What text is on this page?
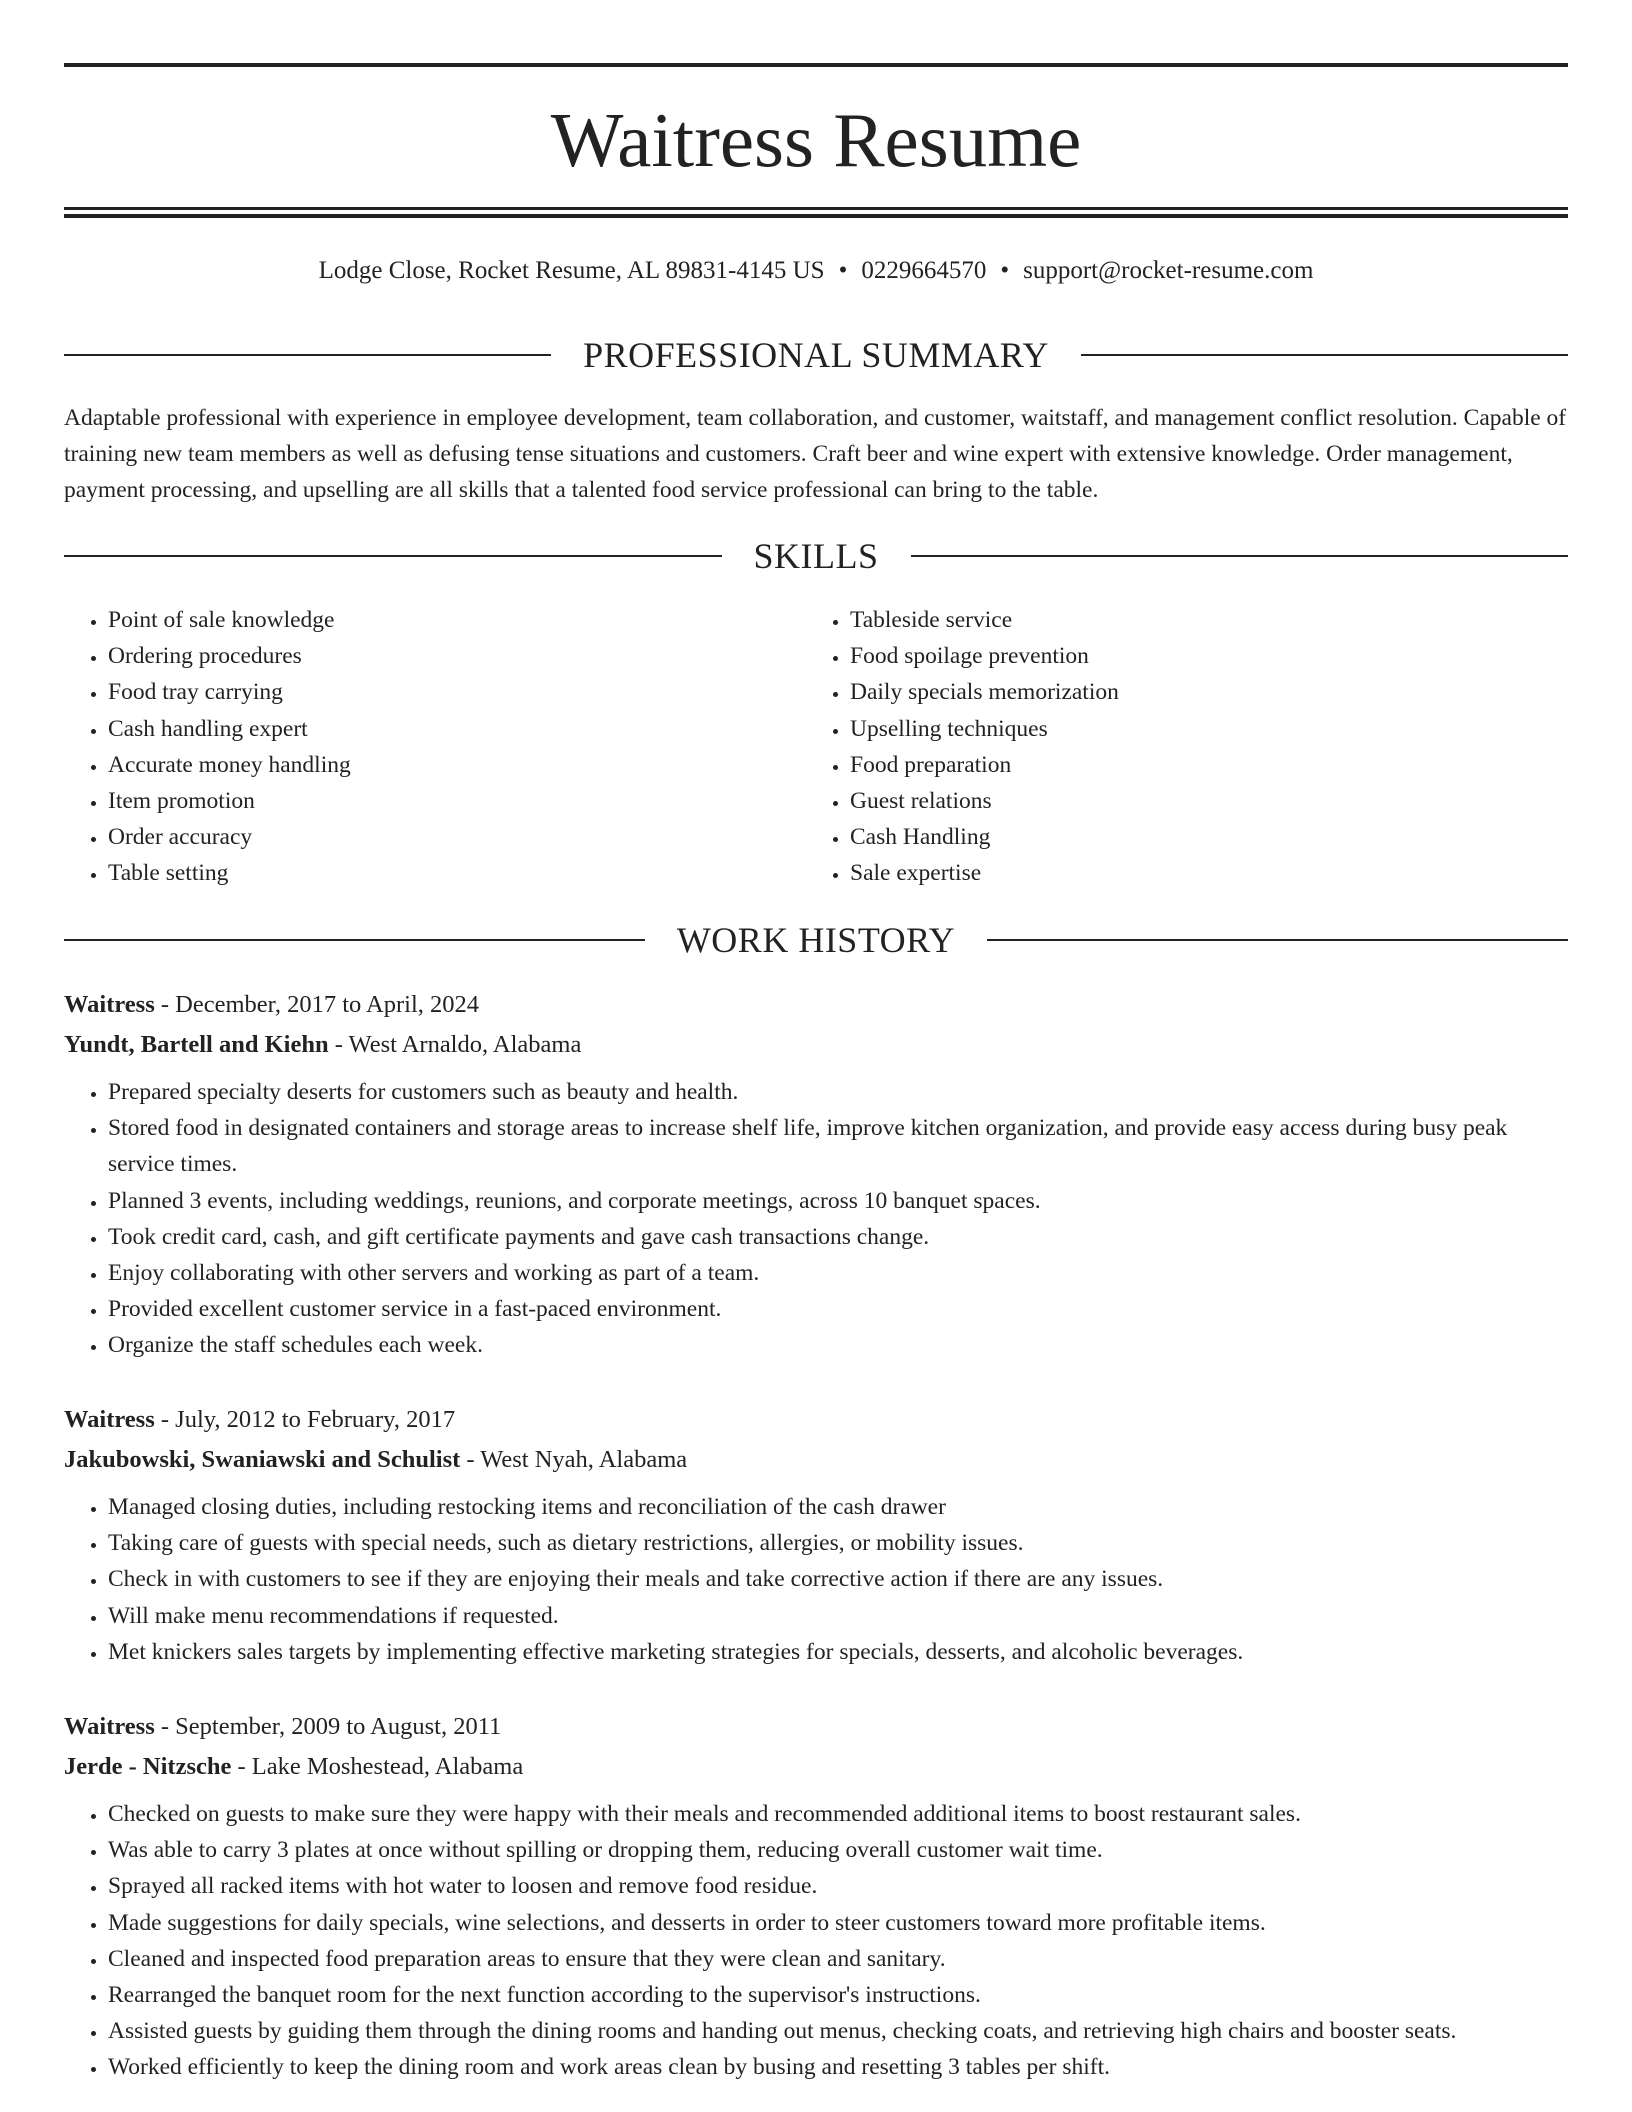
Waitress Resume
Lodge Close, Rocket Resume, AL 89831-4145 US • 0229664570 • support@rocket-resume.com
PROFESSIONAL SUMMARY
Adaptable professional with experience in employee development, team collaboration, and customer, waitstaff, and management conflict resolution. Capable of training new team members as well as defusing tense situations and customers. Craft beer and wine expert with extensive knowledge. Order management, payment processing, and upselling are all skills that a talented food service professional can bring to the table.
SKILLS
• Point of sale knowledge
• Ordering procedures
• Food tray carrying
• Cash handling expert
• Accurate money handling
• Item promotion
• Order accuracy
• Table setting
• Tableside service
• Food spoilage prevention
• Daily specials memorization
• Upselling techniques
• Food preparation
• Guest relations
• Cash Handling
• Sale expertise
WORK HISTORY
Waitress - December, 2017 to April, 2024
Yundt, Bartell and Kiehn - West Arnaldo, Alabama
• Prepared specialty deserts for customers such as beauty and health.
• Stored food in designated containers and storage areas to increase shelf life, improve kitchen organization, and provide easy access during busy peak service times.
• Planned 3 events, including weddings, reunions, and corporate meetings, across 10 banquet spaces.
• Took credit card, cash, and gift certificate payments and gave cash transactions change.
• Enjoy collaborating with other servers and working as part of a team.
• Provided excellent customer service in a fast-paced environment.
• Organize the staff schedules each week.
Waitress - July, 2012 to February, 2017
Jakubowski, Swaniawski and Schulist - West Nyah, Alabama
• Managed closing duties, including restocking items and reconciliation of the cash drawer
• Taking care of guests with special needs, such as dietary restrictions, allergies, or mobility issues.
• Check in with customers to see if they are enjoying their meals and take corrective action if there are any issues.
• Will make menu recommendations if requested.
• Met knickers sales targets by implementing effective marketing strategies for specials, desserts, and alcoholic beverages.
Waitress - September, 2009 to August, 2011
Jerde - Nitzsche - Lake Moshestead, Alabama
• Checked on guests to make sure they were happy with their meals and recommended additional items to boost restaurant sales.
• Was able to carry 3 plates at once without spilling or dropping them, reducing overall customer wait time.
• Sprayed all racked items with hot water to loosen and remove food residue.
• Made suggestions for daily specials, wine selections, and desserts in order to steer customers toward more profitable items.
• Cleaned and inspected food preparation areas to ensure that they were clean and sanitary.
• Rearranged the banquet room for the next function according to the supervisor's instructions.
• Assisted guests by guiding them through the dining rooms and handing out menus, checking coats, and retrieving high chairs and booster seats.
• Worked efficiently to keep the dining room and work areas clean by busing and resetting 3 tables per shift.
